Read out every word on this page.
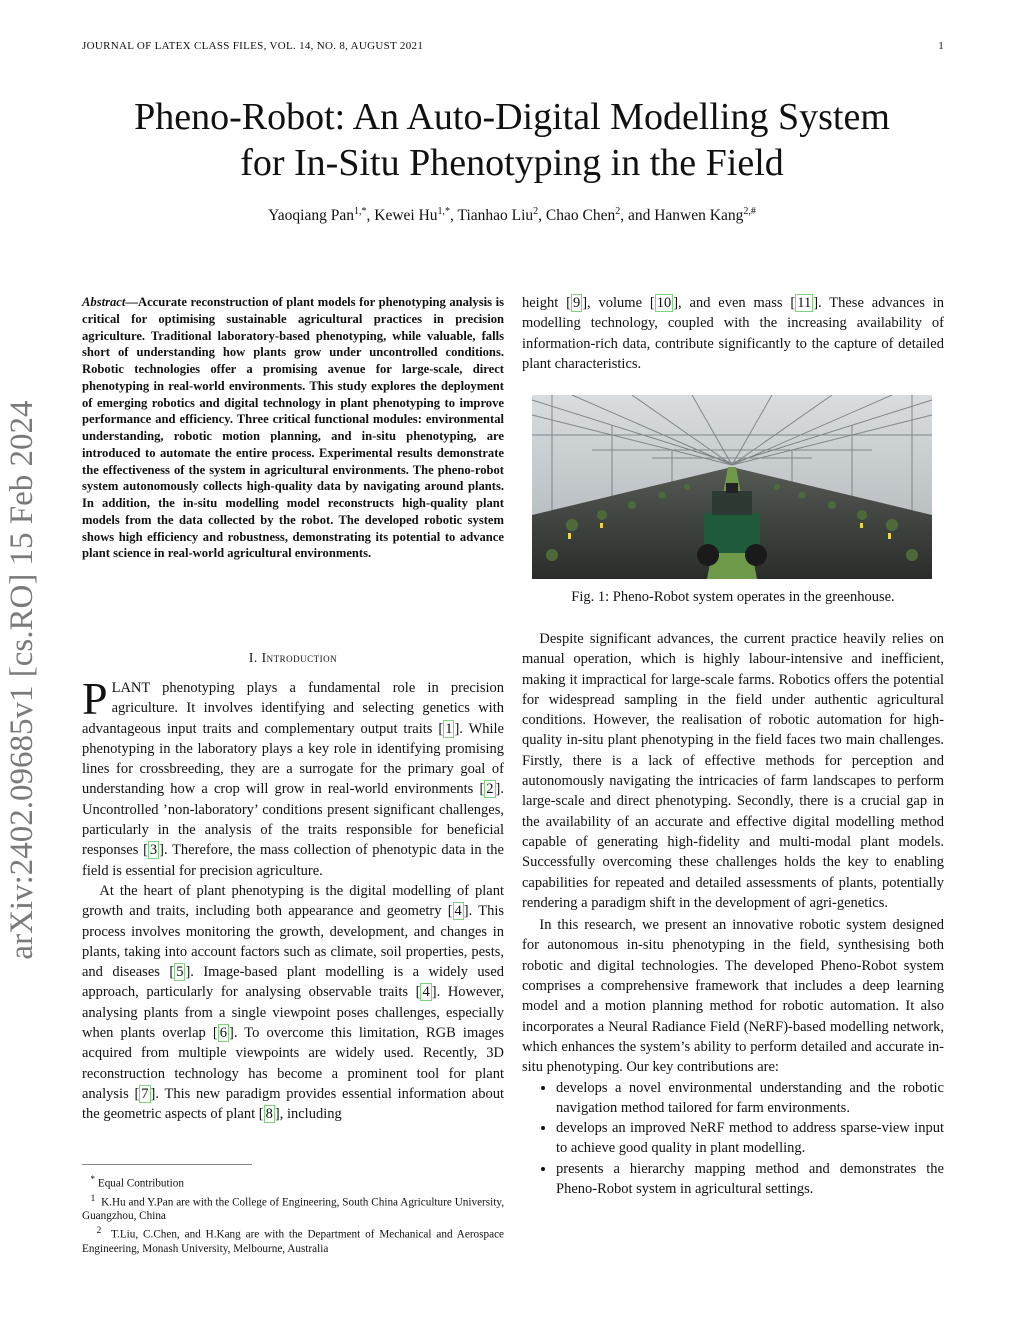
JOURNAL OF LATEX CLASS FILES, VOL. 14, NO. 8, AUGUST 2021	1
Pheno-Robot: An Auto-Digital Modelling System
for In-Situ Phenotyping in the Field
Yaoqiang Pan$^{1,*}$, Kewei $Hu^{1,*}$, Tianhao Liu$^2$, Chao Chen$^2$, and Hanwen Kang$^{2,\#}$
arXiv:2402.09685v1 [cs.RO] 15 Feb 2024
Abstract—Accurate reconstruction of plant models for phenotyping analysis is critical for optimising sustainable agricultural practices in precision agriculture. Traditional laboratory-based phenotyping, while valuable, falls short of understanding how plants grow under uncontrolled conditions. Robotic technologies offer a promising avenue for large-scale, direct phenotyping in real-world environments. This study explores the deployment of emerging robotics and digital technology in plant phenotyping to improve performance and efficiency. Three critical functional modules: environmental understanding, robotic motion planning, and in-situ phenotyping, are introduced to automate the entire process. Experimental results demonstrate the effectiveness of the system in agricultural environments. The pheno-robot system autonomously collects high-quality data by navigating around plants. In addition, the in-situ modelling model reconstructs high-quality plant models from the data collected by the robot. The developed robotic system shows high efficiency and robustness, demonstrating its potential to advance plant science in real-world agricultural environments.
I. Introduction

PLANT phenotyping plays a fundamental role in precision agriculture. It involves identifying and selecting genetics with advantageous input traits and complementary output traits [ 1 ]. While phenotyping in the laboratory plays a key role in identifying promising lines for crossbreeding, they are a surrogate for the primary goal of understanding how a crop will grow in real-world environments [ 2 ]. Uncontrolled ’non-laboratory’ conditions present significant challenges, particularly in the analysis of the traits responsible for beneficial responses [ 3 ]. Therefore, the mass collection of phenotypic data in the field is essential for precision agriculture.

At the heart of plant phenotyping is the digital modelling of plant growth and traits, including both appearance and geometry [ 4 ]. This process involves monitoring the growth, development, and changes in plants, taking into account factors such as climate, soil properties, pests, and diseases [ 5 ]. Image-based plant modelling is a widely used approach, particularly for analysing observable traits [ 4 ]. However, analysing plants from a single viewpoint poses challenges, especially when plants overlap [ 6 ]. To overcome this limitation, RGB images acquired from multiple viewpoints are widely used. Recently, 3D reconstruction technology has become a prominent tool for plant analysis [ 7 ]. This new paradigm provides essential information about the geometric aspects of plant [ 8 ], including

* Equal Contribution
$^1$ K.Hu and Y.Pan are with the College of Engineering, South China Agriculture University, Guangzhou, China
$^2$ T.Liu, C.Chen, and H.Kang are with the Department of Mechanical and Aerospace Engineering, Monash University, Melbourne, Australia

height [ 9 ], volume [ 10 ], and even mass [ 11 ]. These advances in modelling technology, coupled with the increasing availability of information-rich data, contribute significantly to the capture of detailed plant characteristics.

Fig. 1: Pheno-Robot system operates in the greenhouse.

Despite significant advances, the current practice heavily relies on manual operation, which is highly labour-intensive and inefficient, making it impractical for large-scale farms. Robotics offers the potential for widespread sampling in the field under authentic agricultural conditions. However, the realisation of robotic automation for high-quality in-situ plant phenotyping in the field faces two main challenges. Firstly, there is a lack of effective methods for perception and autonomously navigating the intricacies of farm landscapes to perform large-scale and direct phenotyping. Secondly, there is a crucial gap in the availability of an accurate and effective digital modelling method capable of generating high-fidelity and multi-modal plant models. Successfully overcoming these challenges holds the key to enabling capabilities for repeated and detailed assessments of plants, potentially rendering a paradigm shift in the development of agri-genetics.

In this research, we present an innovative robotic system designed for autonomous in-situ phenotyping in the field, synthesising both robotic and digital technologies. The developed Pheno-Robot system comprises a comprehensive framework that includes a deep learning model and a motion planning method for robotic automation. It also incorporates a Neural Radiance Field (NeRF)-based modelling network, which enhances the system’s ability to perform detailed and accurate in-situ phenotyping. Our key contributions are:

• develops a novel environmental understanding and the robotic navigation method tailored for farm environments.
• develops an improved NeRF method to address sparse-view input to achieve good quality in plant modelling.
• presents a hierarchy mapping method and demonstrates the Pheno-Robot system in agricultural settings.
